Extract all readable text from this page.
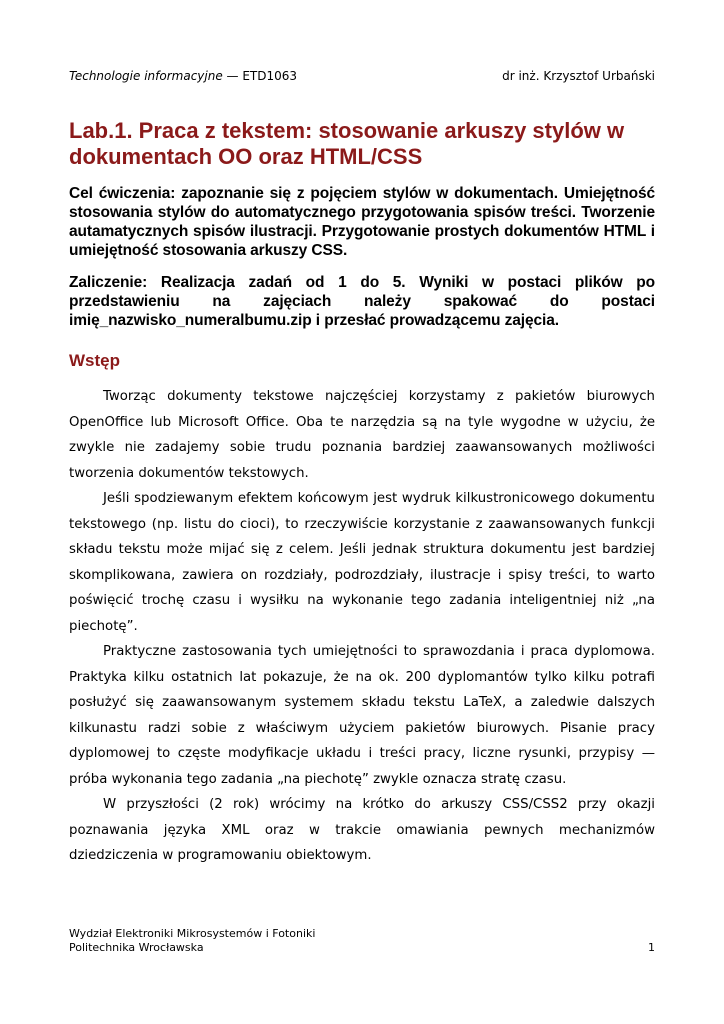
Technologie informacyjne — ETD1063	dr inż. Krzysztof Urbański
Lab.1. Praca z tekstem: stosowanie arkuszy stylów w dokumentach OO oraz HTML/CSS

Cel ćwiczenia: zapoznanie się z pojęciem stylów w dokumentach. Umiejętność stosowania stylów do automatycznego przygotowania spisów treści. Tworzenie autamatycznych spisów ilustracji. Przygotowanie prostych dokumentów HTML i umiejętność stosowania arkuszy CSS.

Zaliczenie: Realizacja zadań od 1 do 5. Wyniki w postaci plików po przedstawieniu na zajęciach należy spakować do postaci imię_nazwisko_numeralbumu.zip i przesłać prowadzącemu zajęcia.

Wstęp

Tworząc dokumenty tekstowe najczęściej korzystamy z pakietów biurowych OpenOffice lub Microsoft Office. Oba te narzędzia są na tyle wygodne w użyciu, że zwykle nie zadajemy sobie trudu poznania bardziej zaawansowanych możliwości tworzenia dokumentów tekstowych.

Jeśli spodziewanym efektem końcowym jest wydruk kilkustronicowego dokumentu tekstowego (np. listu do cioci), to rzeczywiście korzystanie z zaawansowanych funkcji składu tekstu może mijać się z celem. Jeśli jednak struktura dokumentu jest bardziej skomplikowana, zawiera on rozdziały, podrozdziały, ilustracje i spisy treści, to warto poświęcić trochę czasu i wysiłku na wykonanie tego zadania inteligentniej niż „na piechotę”.

Praktyczne zastosowania tych umiejętności to sprawozdania i praca dyplomowa. Praktyka kilku ostatnich lat pokazuje, że na ok. 200 dyplomantów tylko kilku potrafi posłużyć się zaawansowanym systemem składu tekstu LaTeX, a zaledwie dalszych kilkunastu radzi sobie z właściwym użyciem pakietów biurowych. Pisanie pracy dyplomowej to częste modyfikacje układu i treści pracy, liczne rysunki, przypisy — próba wykonania tego zadania „na piechotę” zwykle oznacza stratę czasu.

W przyszłości (2 rok) wrócimy na krótko do arkuszy CSS/CSS2 przy okazji poznawania języka XML oraz w trakcie omawiania pewnych mechanizmów dziedziczenia w programowaniu obiektowym.

Wydział Elektroniki Mikrosystemów i Fotoniki
Politechnika Wrocławska	1
